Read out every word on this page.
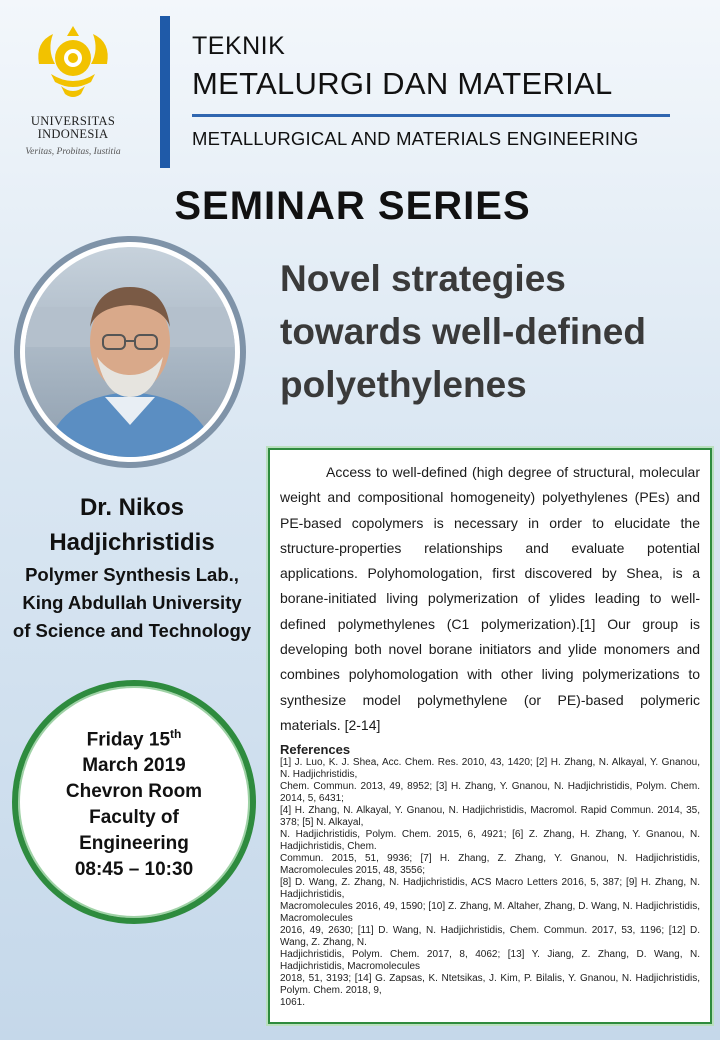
UNIVERSITAS INDONESIA
Veritas, Probitas, Iustitia
TEKNIK
METALURGI DAN MATERIAL
METALLURGICAL AND MATERIALS ENGINEERING
SEMINAR SERIES
Novel strategies
towards well-defined
polyethylenes
Dr. Nikos
Hadjichristidis
Polymer Synthesis Lab.,
King Abdullah University
of Science and Technology
Friday 15th
March 2019
Chevron Room
Faculty of
Engineering
08:45 – 10:30

Access to well-defined (high degree of structural, molecular weight and compositional homogeneity) polyethylenes (PEs) and PE-based copolymers is necessary in order to elucidate the structure-properties relationships and evaluate potential applications. Polyhomologation, first discovered by Shea, is a borane-initiated living polymerization of ylides leading to well-defined polymethylenes (C1 polymerization).[1] Our group is developing both novel borane initiators and ylide monomers and combines polyhomologation with other living polymerizations to synthesize model polymethylene (or PE)-based polymeric materials. [2-14]

References

[1] J. Luo, K. J. Shea, Acc. Chem. Res. 2010, 43, 1420; [2] H. Zhang, N. Alkayal, Y. Gnanou, N. Hadjichristidis,

Chem. Commun. 2013, 49, 8952; [3] H. Zhang, Y. Gnanou, N. Hadjichristidis, Polym. Chem. 2014, 5, 6431;

[4] H. Zhang, N. Alkayal, Y. Gnanou, N. Hadjichristidis, Macromol. Rapid Commun. 2014, 35, 378; [5] N. Alkayal,

N. Hadjichristidis, Polym. Chem. 2015, 6, 4921; [6] Z. Zhang, H. Zhang, Y. Gnanou, N. Hadjichristidis, Chem.

Commun. 2015, 51, 9936; [7] H. Zhang, Z. Zhang, Y. Gnanou, N. Hadjichristidis, Macromolecules 2015, 48, 3556;

[8] D. Wang, Z. Zhang, N. Hadjichristidis, ACS Macro Letters 2016, 5, 387; [9] H. Zhang, N. Hadjichristidis,

Macromolecules 2016, 49, 1590; [10] Z. Zhang, M. Altaher, Zhang, D. Wang, N. Hadjichristidis, Macromolecules

2016, 49, 2630; [11] D. Wang, N. Hadjichristidis, Chem. Commun. 2017, 53, 1196; [12] D. Wang, Z. Zhang, N.

Hadjichristidis, Polym. Chem. 2017, 8, 4062; [13] Y. Jiang, Z. Zhang, D. Wang, N. Hadjichristidis, Macromolecules

2018, 51, 3193; [14] G. Zapsas, K. Ntetsikas, J. Kim, P. Bilalis, Y. Gnanou, N. Hadjichristidis, Polym. Chem. 2018, 9,

1061.
